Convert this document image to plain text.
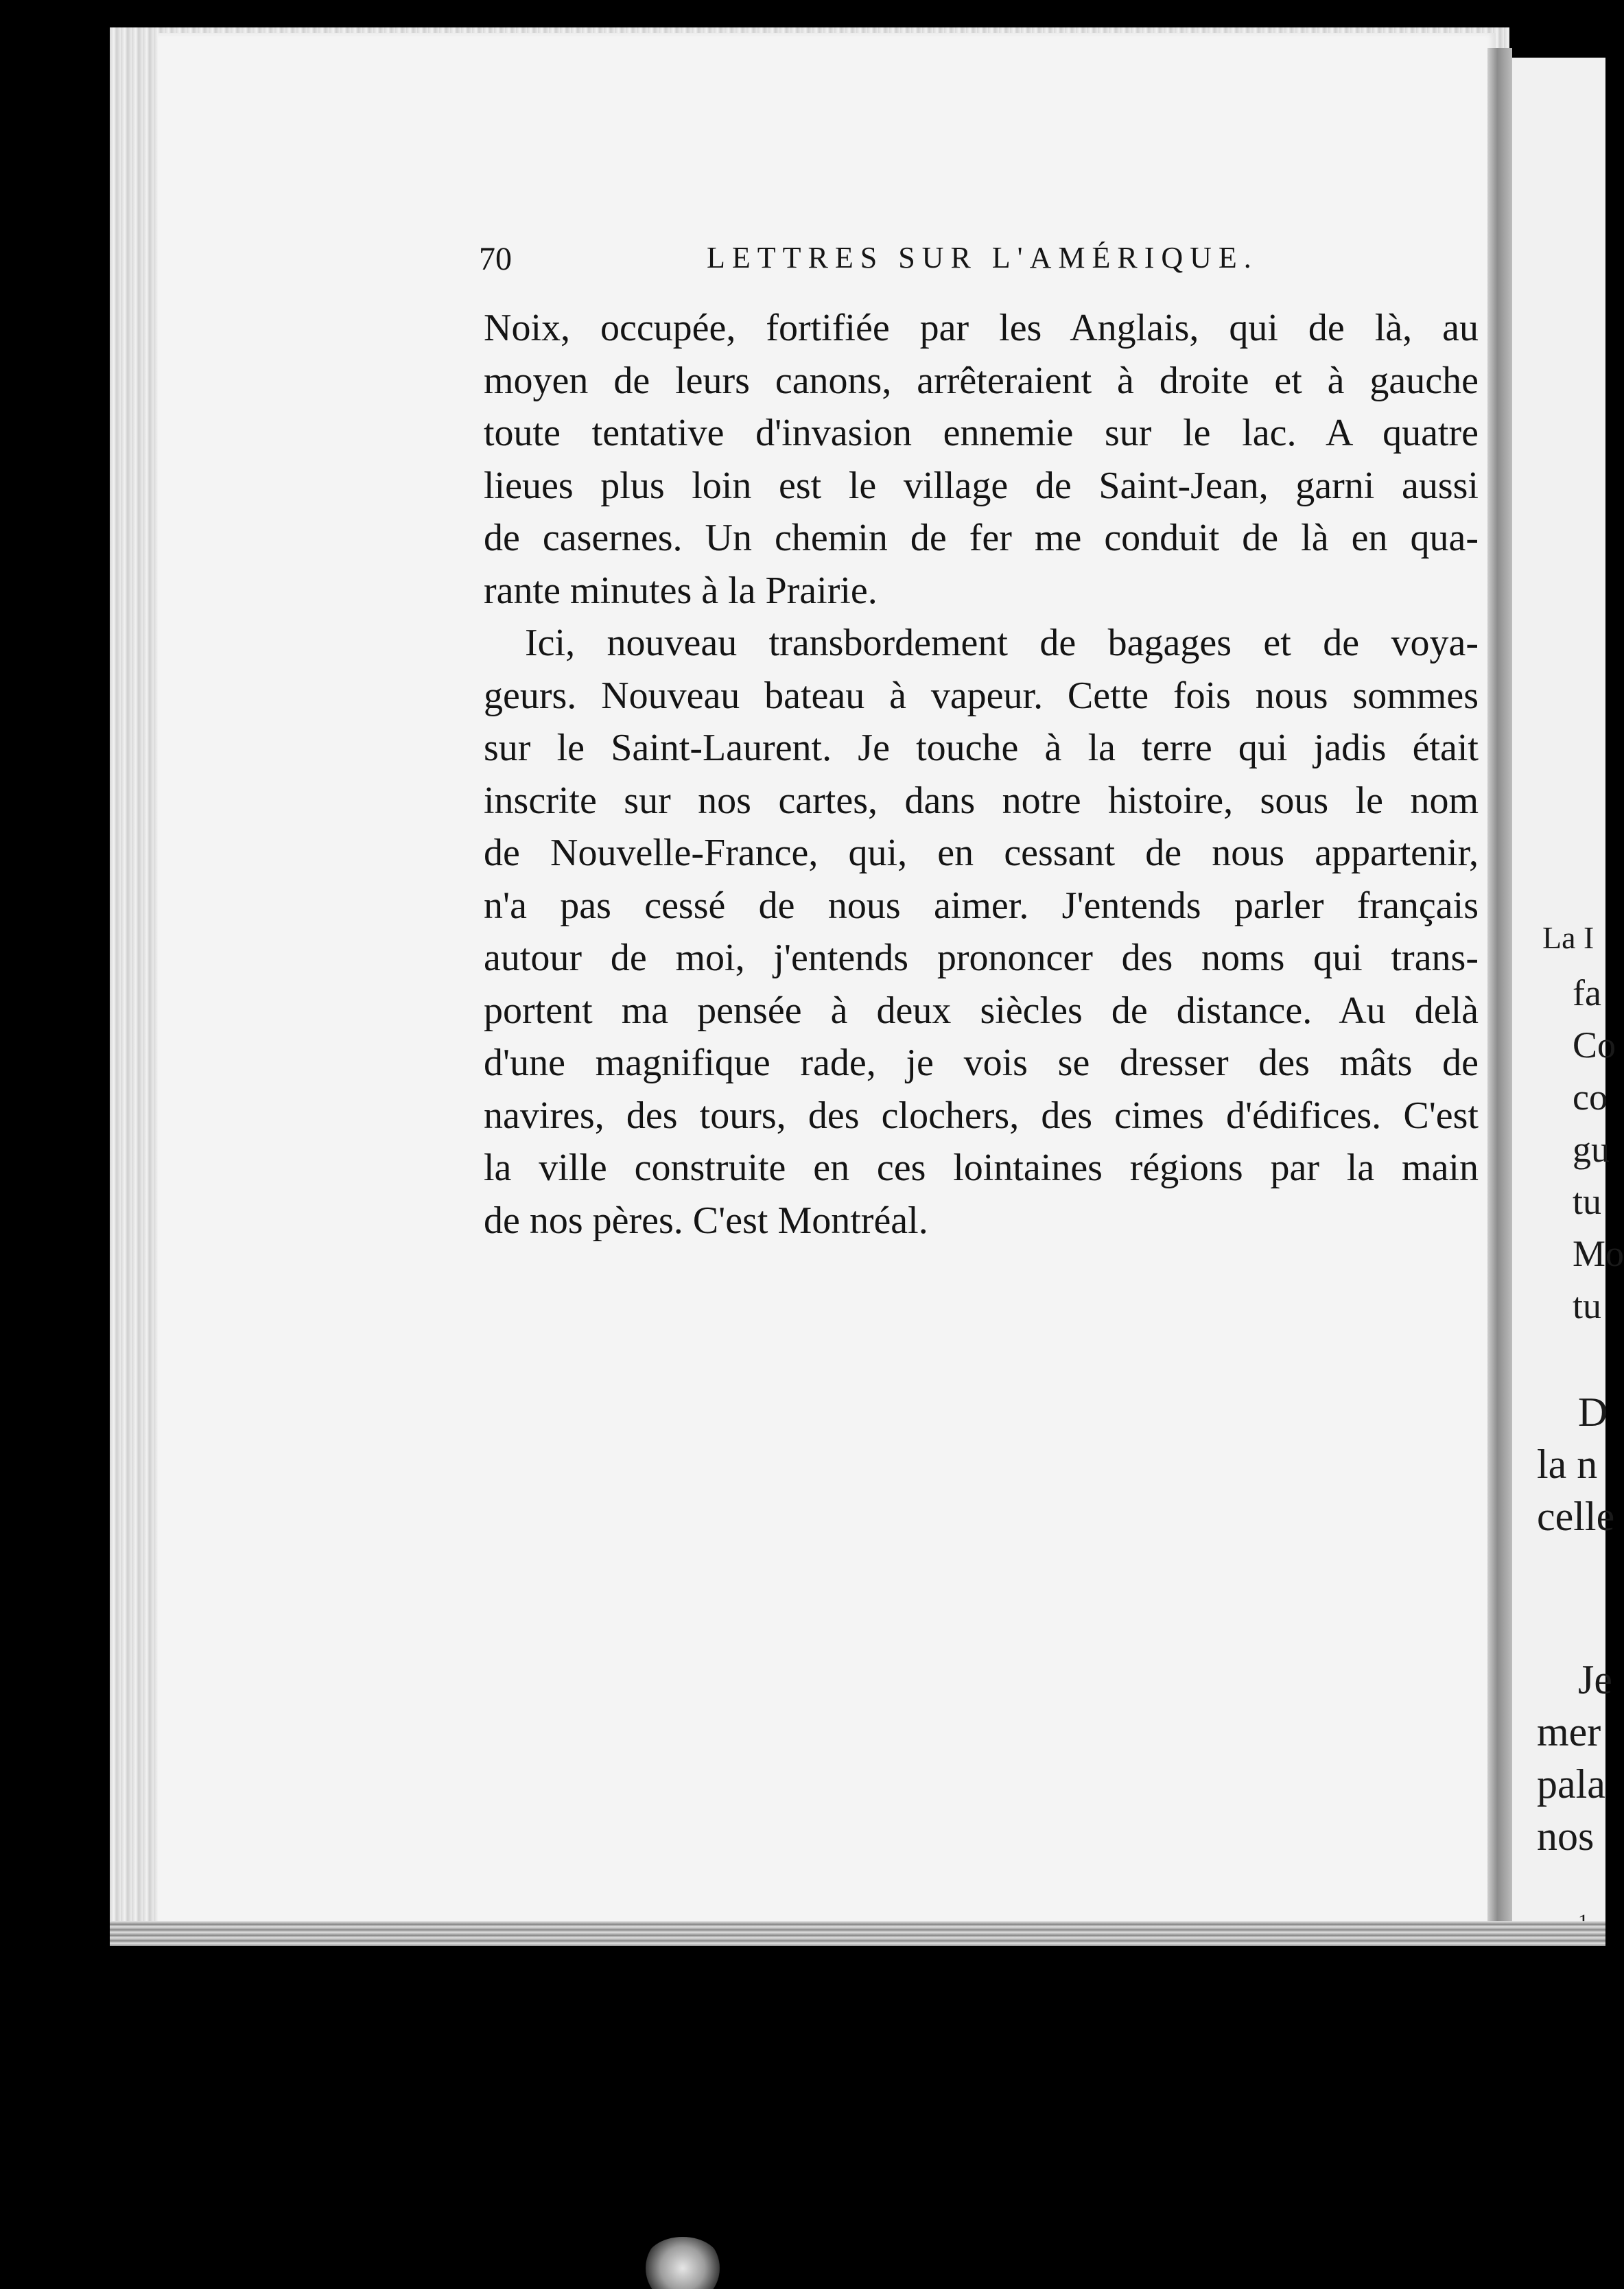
La I
fa
Co
co
gu
tu
Mo
tu
D
la n
celle
Je
mer
pala
nos
70	LETTRES SUR L'AMÉRIQUE.
Noix, occupée, fortifiée par les Anglais, qui de là, au
moyen de leurs canons, arrêteraient à droite et à gauche
toute tentative d'invasion ennemie sur le lac. A quatre
lieues plus loin est le village de Saint-Jean, garni aussi
de casernes. Un chemin de fer me conduit de là en qua-
rante minutes à la Prairie.
Ici, nouveau transbordement de bagages et de voya-
geurs. Nouveau bateau à vapeur. Cette fois nous sommes
sur le Saint-Laurent. Je touche à la terre qui jadis était
inscrite sur nos cartes, dans notre histoire, sous le nom
de Nouvelle-France, qui, en cessant de nous appartenir,
n'a pas cessé de nous aimer. J'entends parler français
autour de moi, j'entends prononcer des noms qui trans-
portent ma pensée à deux siècles de distance. Au delà
d'une magnifique rade, je vois se dresser des mâts de
navires, des tours, des clochers, des cimes d'édifices. C'est
la ville construite en ces lointaines régions par la main
de nos pères. C'est Montréal.
